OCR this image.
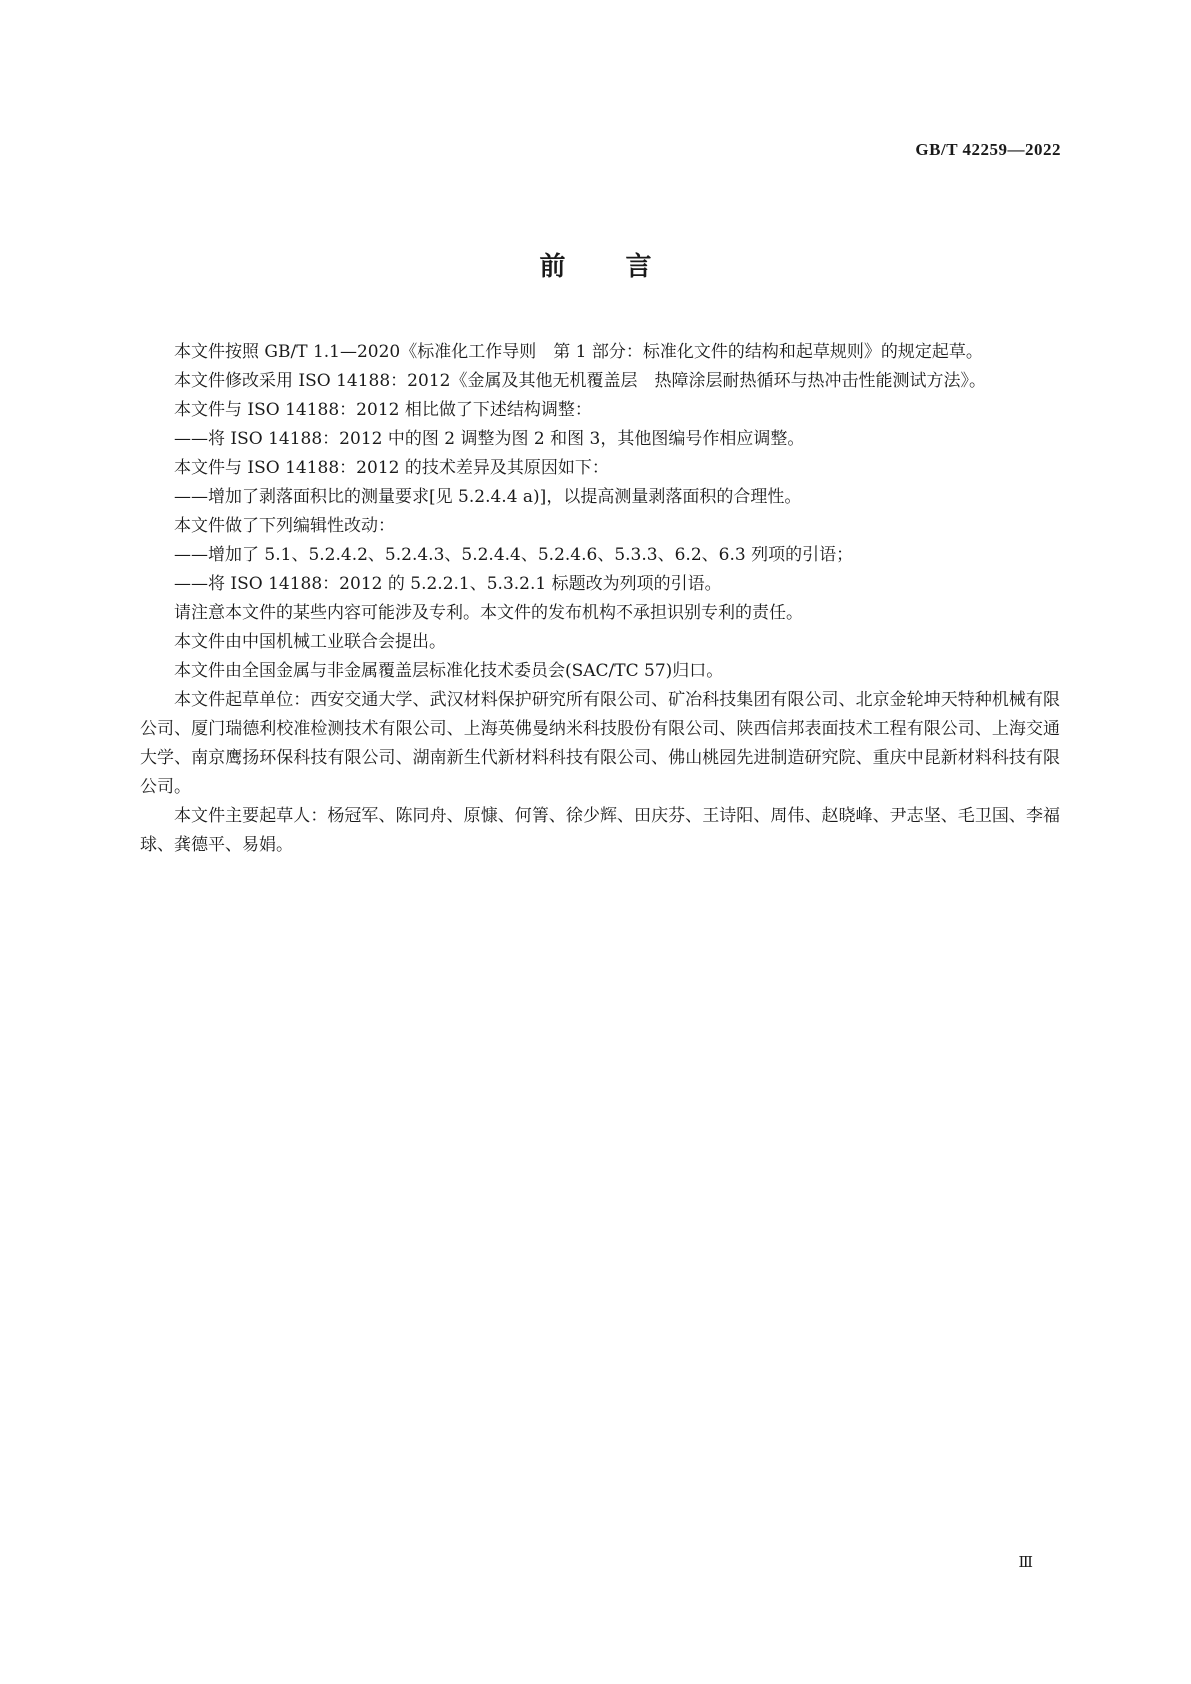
GB/T 42259—2022
前言

本文件按照 GB/T 1.1—2020《标准化工作导则　第 1 部分：标准化文件的结构和起草规则》的规定起草。

本文件修改采用 ISO 14188：2012《金属及其他无机覆盖层　热障涂层耐热循环与热冲击性能测试方法》。

本文件与 ISO 14188：2012 相比做了下述结构调整：

——将 ISO 14188：2012 中的图 2 调整为图 2 和图 3，其他图编号作相应调整。

本文件与 ISO 14188：2012 的技术差异及其原因如下：

——增加了剥落面积比的测量要求[见 5.2.4.4 a)]，以提高测量剥落面积的合理性。

本文件做了下列编辑性改动：

——增加了 5.1、5.2.4.2、5.2.4.3、5.2.4.4、5.2.4.6、5.3.3、6.2、6.3 列项的引语；

——将 ISO 14188：2012 的 5.2.2.1、5.3.2.1 标题改为列项的引语。

请注意本文件的某些内容可能涉及专利。本文件的发布机构不承担识别专利的责任。

本文件由中国机械工业联合会提出。

本文件由全国金属与非金属覆盖层标准化技术委员会(SAC/TC 57)归口。

本文件起草单位：西安交通大学、武汉材料保护研究所有限公司、矿冶科技集团有限公司、北京金轮坤天特种机械有限公司、厦门瑞德利校准检测技术有限公司、上海英佛曼纳米科技股份有限公司、陕西信邦表面技术工程有限公司、上海交通大学、南京鹰扬环保科技有限公司、湖南新生代新材料科技有限公司、佛山桃园先进制造研究院、重庆中昆新材料科技有限公司。

本文件主要起草人：杨冠军、陈同舟、原慷、何箐、徐少辉、田庆芬、王诗阳、周伟、赵晓峰、尹志坚、毛卫国、李福球、龚德平、易娟。

Ⅲ
